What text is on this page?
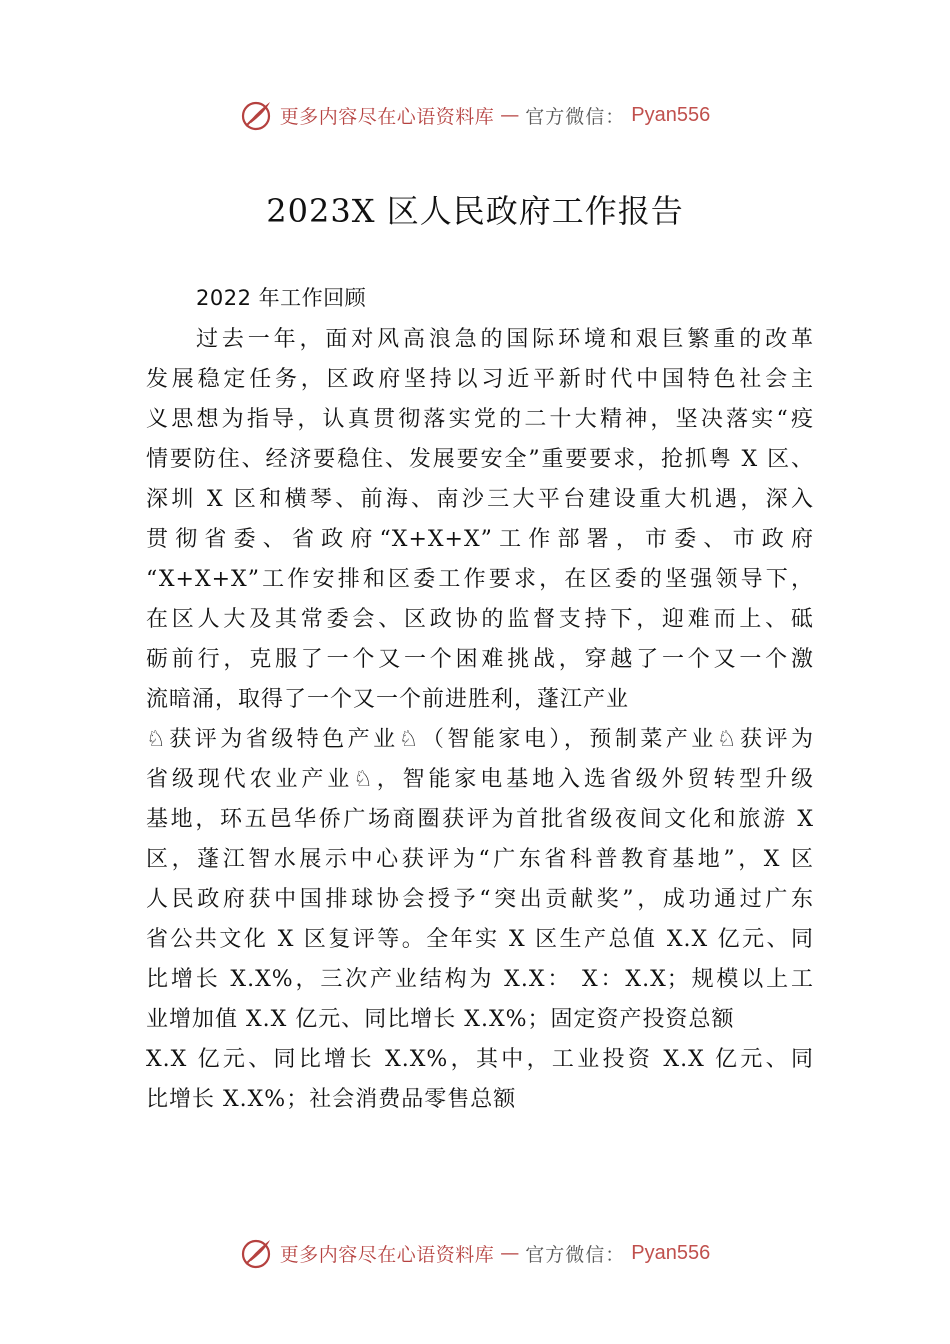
更多内容尽在心语资料库 — 官方微信： Pyan556
2023X 区人民政府工作报告
2022 年工作回顾
过去一年，面对风高浪急的国际环境和艰巨繁重的改革
发展稳定任务，区政府坚持以习近平新时代中国特色社会主
义思想为指导，认真贯彻落实党的二十大精神，坚决落实“疫
情要防住、经济要稳住、发展要安全”重要要求，抢抓粤 X 区、
深圳 X 区和横琴、前海、南沙三大平台建设重大机遇，深入
贯彻省委、省政府“X+X+X”工作部署，市委、市政府
“X+X+X”工作安排和区委工作要求，在区委的坚强领导下，
在区人大及其常委会、区政协的监督支持下，迎难而上、砥
砺前行，克服了一个又一个困难挑战，穿越了一个又一个激
流暗涌，取得了一个又一个前进胜利，蓬江产业
♘获评为省级特色产业♘（智能家电），预制菜产业♘获评为
省级现代农业产业♘，智能家电基地入选省级外贸转型升级
基地，环五邑华侨广场商圈获评为首批省级夜间文化和旅游 X
区，蓬江智水展示中心获评为“广东省科普教育基地”，X 区
人民政府获中国排球协会授予“突出贡献奖”，成功通过广东
省公共文化 X 区复评等。全年实 X 区生产总值 X.X 亿元、同
比增长 X.X%，三次产业结构为 X.X： X：X.X；规模以上工
业增加值 X.X 亿元、同比增长 X.X%；固定资产投资总额
X.X 亿元、同比增长 X.X%，其中，工业投资 X.X 亿元、同
比增长 X.X%；社会消费品零售总额
更多内容尽在心语资料库 — 官方微信： Pyan556
